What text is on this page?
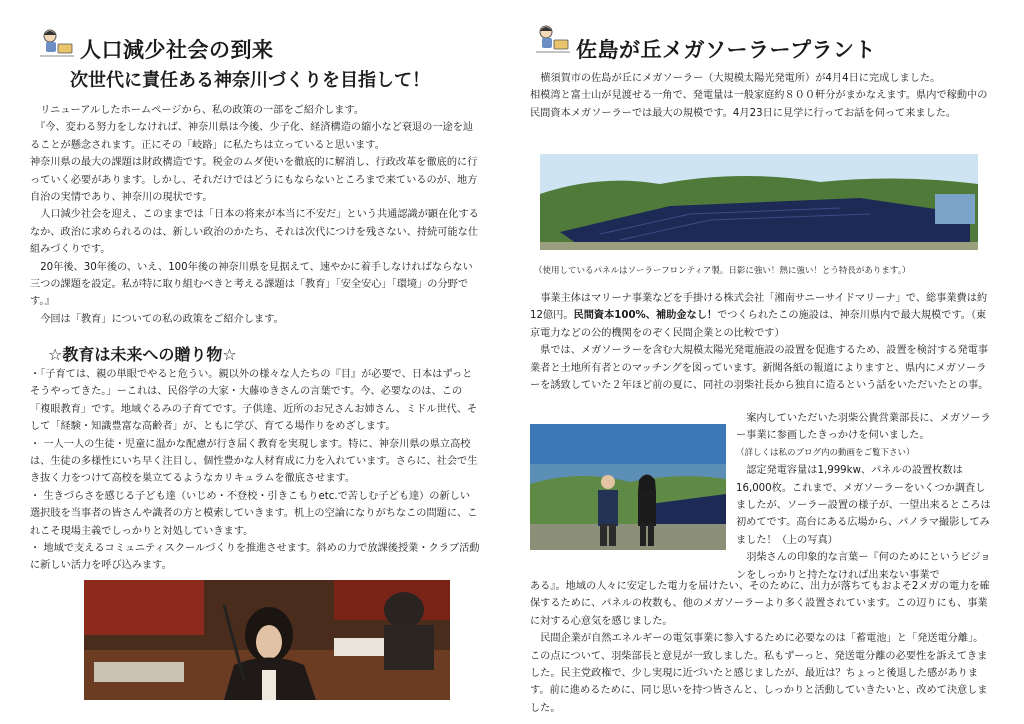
人口減少社会の到来
次世代に責任ある神奈川づくりを目指して！

リニューアルしたホームページから、私の政策の一部をご紹介します。

『今、変わる努力をしなければ、神奈川県は今後、少子化、経済構造の縮小など衰退の一途を辿ることが懸念されます。正にその「岐路」に私たちは立っていると思います。

神奈川県の最大の課題は財政構造です。税金のムダ使いを徹底的に解消し、行政改革を徹底的に行っていく必要があります。しかし、それだけではどうにもならないところまで来ているのが、地方自治の実情であり、神奈川の現状です。

人口減少社会を迎え、このままでは「日本の将来が本当に不安だ」という共通認識が顕在化するなか、政治に求められるのは、新しい政治のかたち、それは次代につけを残さない、持続可能な仕組みづくりです。

20年後、30年後の、いえ、100年後の神奈川県を見据えて、速やかに着手しなければならない三つの課題を設定。私が特に取り組むべきと考える課題は「教育」「安全安心」「環境」の分野です。』

今回は「教育」についての私の政策をご紹介します。

☆教育は未来への贈り物☆

・「子育ては、親の単眼でやると危うい。親以外の様々な人たちの『目』が必要で、日本はずっとそうやってきた。」ーこれは、民俗学の大家・大藤ゆきさんの言葉です。今、必要なのは、この「複眼教育」です。地域ぐるみの子育てです。子供達、近所のお兄さんお姉さん、ミドル世代、そして「経験・知識豊富な高齢者」が、ともに学び、育てる場作りをめざします。

・ 一人一人の生徒・児童に温かな配慮が行き届く教育を実現します。特に、神奈川県の県立高校は、生徒の多様性にいち早く注目し、個性豊かな人材育成に力を入れています。さらに、社会で生き抜く力をつけて高校を巣立てるようなカリキュラムを徹底させます。

・ 生きづらさを感じる子ども達（いじめ・不登校・引きこもりetc.で苦しむ子ども達）の新しい選択肢を当事者の皆さんや識者の方と模索していきます。机上の空論になりがちなこの問題に、これこそ現場主義でしっかりと対処していきます。

・ 地域で支えるコミュニティスクールづくりを推進させます。斜めの力で放課後授業・クラブ活動に新しい活力を呼び込みます。

佐島が丘メガソーラープラント

横須賀市の佐島が丘にメガソーラー（大規模太陽光発電所）が4月4日に完成しました。

相模湾と富士山が見渡せる一角で、発電量は一般家庭約８００軒分がまかなえます。県内で稼動中の民間資本メガソーラーでは最大の規模です。4月23日に見学に行ってお話を伺って来ました。

（使用しているパネルはソーラーフロンティア製。日影に強い！熱に強い！とう特長があります。）

事業主体はマリーナ事業などを手掛ける株式会社「湘南サニーサイドマリーナ」で、総事業費は約12億円。民間資本100%、補助金なし！でつくられたこの施設は、神奈川県内で最大規模です。（東京電力などの公的機関をのぞく民間企業との比較です）

県では、メガソーラーを含む大規模太陽光発電施設の設置を促進するため、設置を検討する発電事業者と土地所有者とのマッチングを図っています。新聞各紙の報道によりますと、県内にメガソーラーを誘致していた２年ほど前の夏に、同社の羽柴社長から独自に造るという話をいただいたとの事。

案内していただいた羽柴公貴営業部長に、メガソーラー事業に参画したきっかけを伺いました。

（詳しくは私のブログ内の動画をご覧下さい）

認定発電容量は1,999kw、パネルの設置枚数は16,000枚。これまで、メガソーラーをいくつか調査しましたが、ソーラー設置の様子が、一望出来るところは初めてです。高台にある広場から、パノラマ撮影してみました！（上の写真）

羽柴さんの印象的な言葉ー『何のためにというビジョンをしっかりと持たなければ出来ない事業で

ある』。地域の人々に安定した電力を届けたい、そのために、出力が落ちてもおよそ2メガの電力を確保するために、パネルの枚数も、他のメガソーラーより多く設置されています。この辺りにも、事業に対する心意気を感じました。

民間企業が自然エネルギーの電気事業に参入するために必要なのは「蓄電池」と「発送電分離」。この点について、羽柴部長と意見が一致しました。私もずーっと、発送電分離の必要性を訴えてきました。民主党政権で、少し実現に近づいたと感じましたが、最近は？ちょっと後退した感があります。前に進めるために、同じ思いを持つ皆さんと、しっかりと活動していきたいと、改めて決意しました。
